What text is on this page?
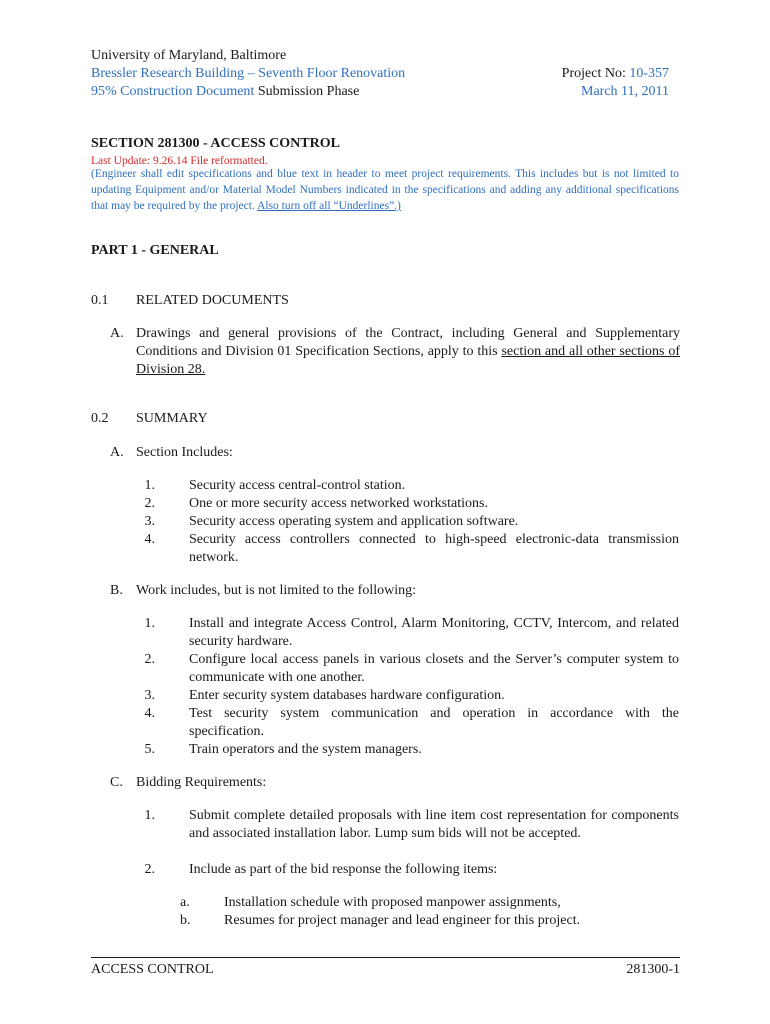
University of Maryland, Baltimore
Bressler Research Building – Seventh Floor Renovation
95% Construction Document Submission Phase
Project No: 10-357
March 11, 2011
SECTION 281300 - ACCESS CONTROL
Last Update: 9.26.14 File reformatted.
(Engineer shall edit specifications and blue text in header to meet project requirements. This includes but is not limited to updating Equipment and/or Material Model Numbers indicated in the specifications and adding any additional specifications that may be required by the project. Also turn off all “Underlines”.)
PART 1 - GENERAL
0.1 RELATED DOCUMENTS
A. Drawings and general provisions of the Contract, including General and Supplementary Conditions and Division 01 Specification Sections, apply to this section and all other sections of Division 28.
0.2 SUMMARY
A. Section Includes:
1. Security access central-control station.
2. One or more security access networked workstations.
3. Security access operating system and application software.
4. Security access controllers connected to high-speed electronic-data transmission network.
B. Work includes, but is not limited to the following:
1. Install and integrate Access Control, Alarm Monitoring, CCTV, Intercom, and related security hardware.
2. Configure local access panels in various closets and the Server’s computer system to communicate with one another.
3. Enter security system databases hardware configuration.
4. Test security system communication and operation in accordance with the specification.
5. Train operators and the system managers.
C. Bidding Requirements:
1. Submit complete detailed proposals with line item cost representation for components and associated installation labor. Lump sum bids will not be accepted.
2. Include as part of the bid response the following items:
a. Installation schedule with proposed manpower assignments,
b. Resumes for project manager and lead engineer for this project.
ACCESS CONTROL	281300-1
